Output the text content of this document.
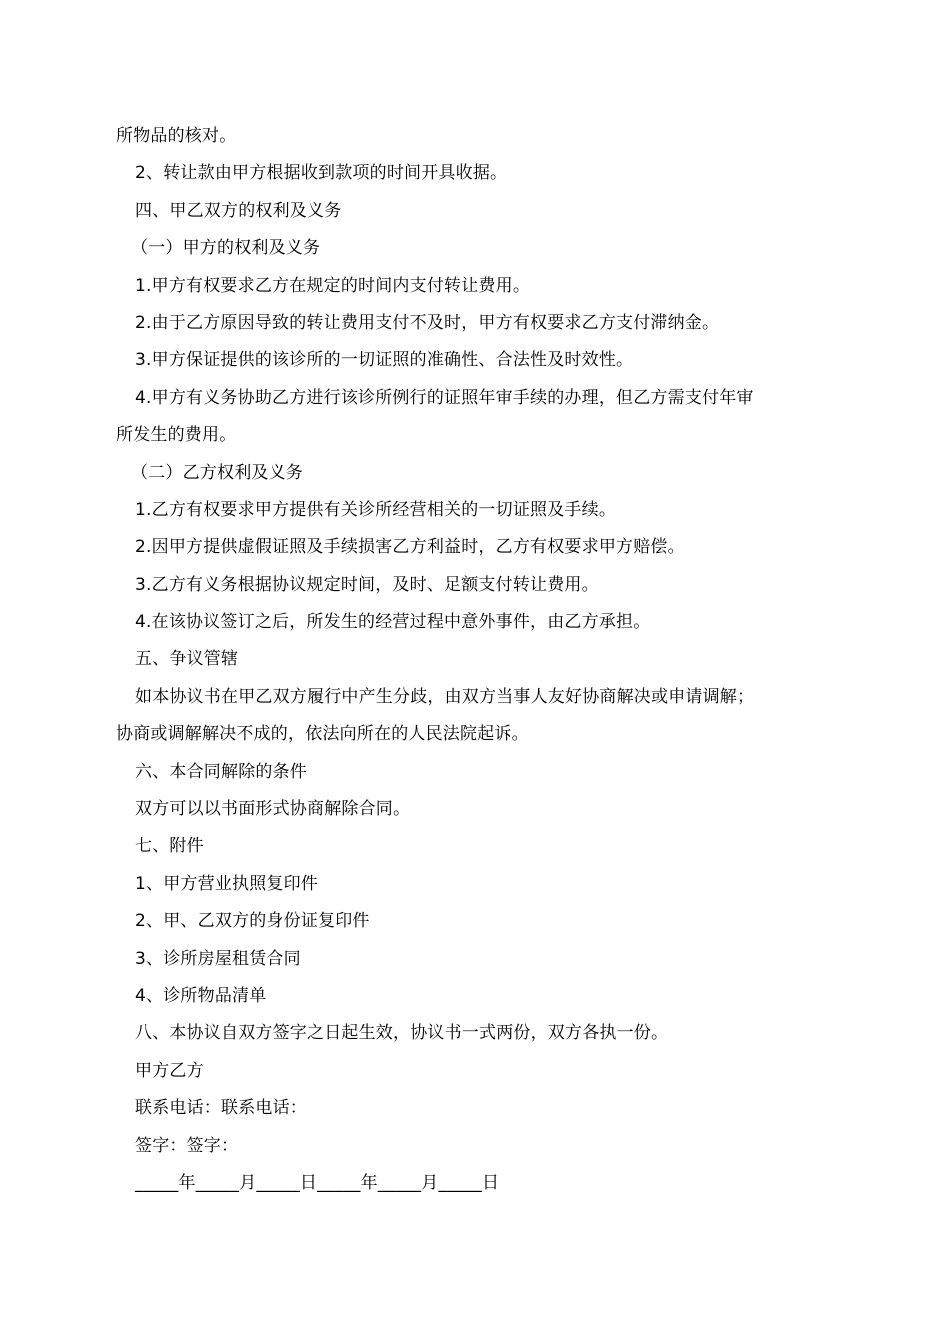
所物品的核对。
2、转让款由甲方根据收到款项的时间开具收据。
四、甲乙双方的权利及义务
（一）甲方的权利及义务
1.甲方有权要求乙方在规定的时间内支付转让费用。
2.由于乙方原因导致的转让费用支付不及时，甲方有权要求乙方支付滞纳金。
3.甲方保证提供的该诊所的一切证照的准确性、合法性及时效性。
4.甲方有义务协助乙方进行该诊所例行的证照年审手续的办理，但乙方需支付年审
所发生的费用。
（二）乙方权利及义务
1.乙方有权要求甲方提供有关诊所经营相关的一切证照及手续。
2.因甲方提供虚假证照及手续损害乙方利益时，乙方有权要求甲方赔偿。
3.乙方有义务根据协议规定时间，及时、足额支付转让费用。
4.在该协议签订之后，所发生的经营过程中意外事件，由乙方承担。
五、争议管辖
如本协议书在甲乙双方履行中产生分歧，由双方当事人友好协商解决或申请调解；
协商或调解解决不成的，依法向所在的人民法院起诉。
六、本合同解除的条件
双方可以以书面形式协商解除合同。
七、附件
1、甲方营业执照复印件
2、甲、乙双方的身份证复印件
3、诊所房屋租赁合同
4、诊所物品清单
八、本协议自双方签字之日起生效，协议书一式两份，双方各执一份。
甲方乙方
联系电话：联系电话：
签字：签字：
_____年_____月_____日_____年_____月_____日
